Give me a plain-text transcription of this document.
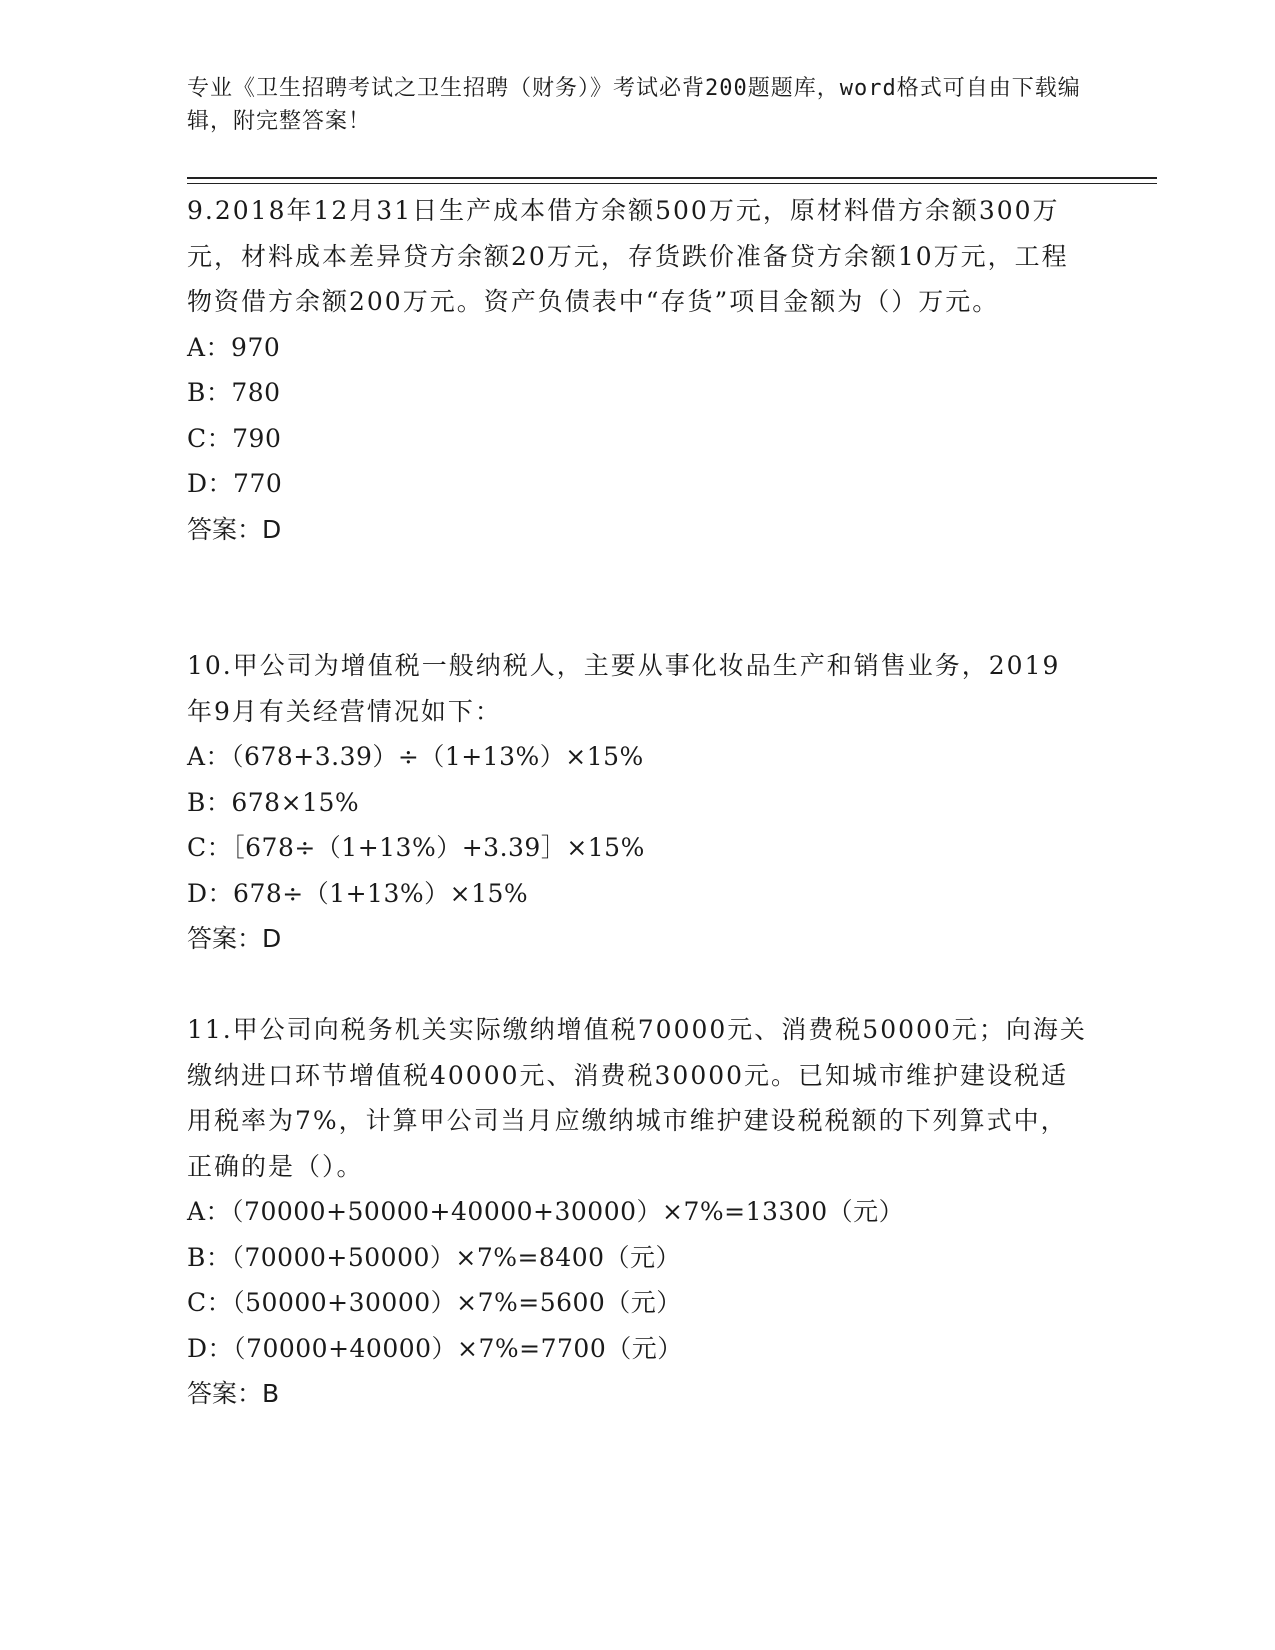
专业《卫生招聘考试之卫生招聘（财务）》考试必背200题题库，word格式可自由下载编辑，附完整答案！

9.2018年12月31日生产成本借方余额500万元，原材料借方余额300万元，材料成本差异贷方余额20万元，存货跌价准备贷方余额10万元，工程物资借方余额200万元。资产负债表中“存货”项目金额为（）万元。

A：970

B：780

C：790

D：770

答案：D

10.甲公司为增值税一般纳税人，主要从事化妆品生产和销售业务，2019年9月有关经营情况如下：

A：（678+3.39）÷（1+13%）×15%

B：678×15%

C：［678÷（1+13%）+3.39］×15%

D：678÷（1+13%）×15%

答案：D

11.甲公司向税务机关实际缴纳增值税70000元、消费税50000元；向海关缴纳进口环节增值税40000元、消费税30000元。已知城市维护建设税适用税率为7%，计算甲公司当月应缴纳城市维护建设税税额的下列算式中，正确的是（）。

A：（70000+50000+40000+30000）×7%=13300（元）

B：（70000+50000）×7%=8400（元）

C：（50000+30000）×7%=5600（元）

D：（70000+40000）×7%=7700（元）

答案：B
